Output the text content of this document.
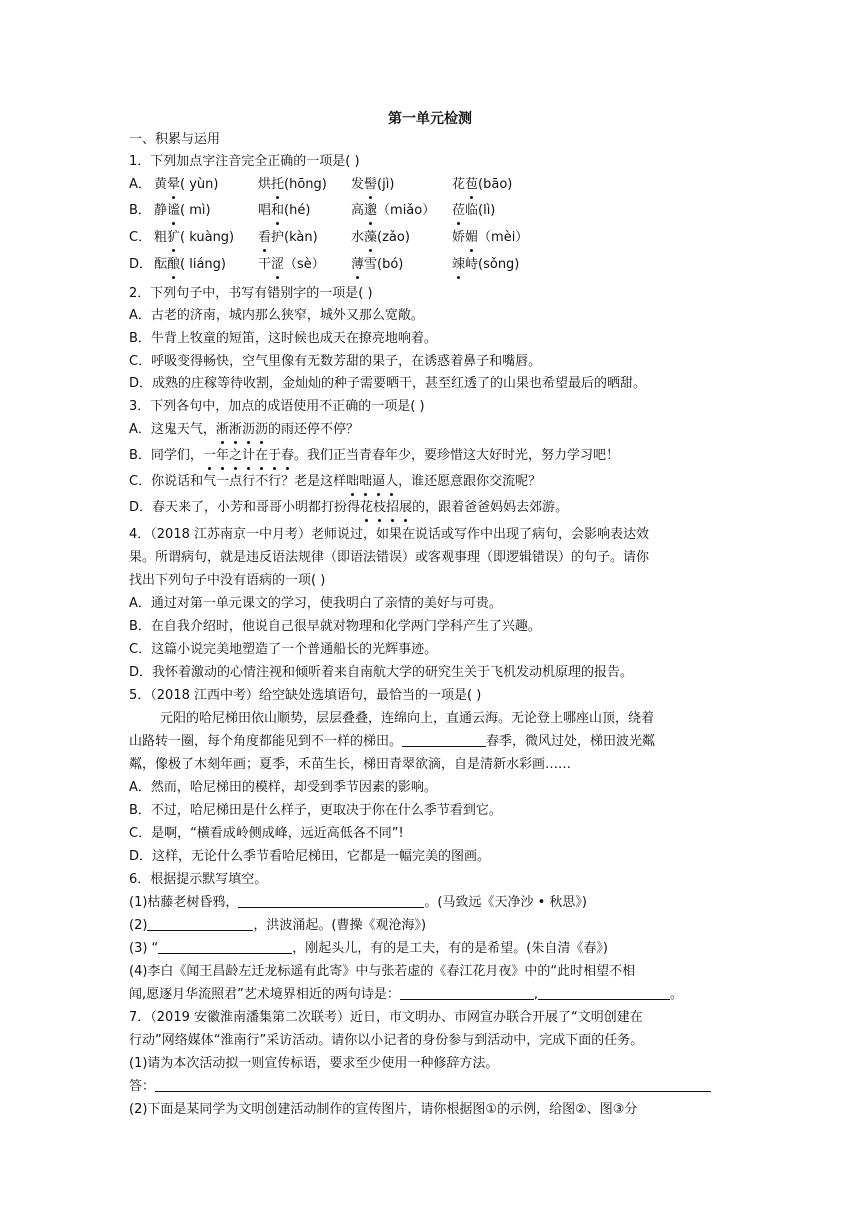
第一单元检测
一、积累与运用
1．下列加点字注音完全正确的一项是( )
A． 黄晕( yùn)	烘托(hōng) 发髻(jì)	花苞(bāo)
B． 静谧( mì)	唱和(hé)	高邈（miǎo） 莅临(lì)
C． 粗犷( kuàng) 看护(kàn)	水藻(zǎo)	娇媚（mèi）
D． 酝酿( liáng) 干涩（sè） 薄雪(bó)	竦峙(sǒng)
2．下列句子中，书写有错别字的一项是( )
A．古老的济南，城内那么狭窄，城外又那么宽敞。
B．牛背上牧童的短笛，这时候也成天在撩亮地响着。
C．呼吸变得畅快，空气里像有无数芳甜的果子，在诱惑着鼻子和嘴唇。
D．成熟的庄稼等待收割，金灿灿的种子需要晒干，甚至红透了的山果也希望最后的晒甜。
3．下列各句中，加点的成语使用不正确的一项是( )
A．这鬼天气，淅淅沥沥的雨还停不停？
B．同学们，一年之计在于春。我们正当青春年少，要珍惜这大好时光，努力学习吧！
C．你说话和气一点行不行？老是这样咄咄逼人，谁还愿意跟你交流呢？
D．春天来了，小芳和哥哥小明都打扮得花枝招展的，跟着爸爸妈妈去郊游。
4．（2018 江苏南京一中月考）老师说过，如果在说话或写作中出现了病句，会影响表达效
果。所谓病句，就是违反语法规律（即语法错误）或客观事理（即逻辑错误）的句子。请你
找出下列句子中没有语病的一项( )
A．通过对第一单元课文的学习，使我明白了亲情的美好与可贵。
B．在自我介绍时，他说自己很早就对物理和化学两门学科产生了兴趣。
C．这篇小说完美地塑造了一个普通船长的光辉事迹。
D．我怀着激动的心情注视和倾听着来自南航大学的研究生关于飞机发动机原理的报告。
5．（2018 江西中考）给空缺处选填语句，最恰当的一项是( )
元阳的哈尼梯田依山顺势，层层叠叠，连绵向上，直通云海。无论登上哪座山顶，绕着
山路转一圈，每个角度都能见到不一样的梯田。	春季，微风过处，梯田波光粼
粼，像极了木刻年画；夏季，禾苗生长，梯田青翠欲滴，自是清新水彩画……
A．然而，哈尼梯田的模样，却受到季节因素的影响。
B．不过，哈尼梯田是什么样子，更取决于你在什么季节看到它。
C．是啊，“横看成岭侧成峰，远近高低各不同”!
D．这样，无论什么季节看哈尼梯田，它都是一幅完美的图画。
6．根据提示默写填空。
(1)枯藤老树昏鸦，	。(马致远《天净沙 • 秋思》)
(2)	，洪波涌起。(曹操《观沧海》)
(3) “	，刚起头儿，有的是工夫，有的是希望。(朱自清《春》)
(4)李白《闻王昌龄左迁龙标遥有此寄》中与张若虚的《春江花月夜》中的“此时相望不相
闻,愿逐月华流照君”艺术境界相近的两句诗是：	,	。
7．（2019 安徽淮南潘集第二次联考）近日，市文明办、市网宣办联合开展了“文明创建在
行动”网络媒体“淮南行”采访活动。请你以小记者的身份参与到活动中，完成下面的任务。
(1)请为本次活动拟一则宣传标语，要求至少使用一种修辞方法。
答：
(2)下面是某同学为文明创建活动制作的宣传图片，请你根据图①的示例，给图②、图③分
